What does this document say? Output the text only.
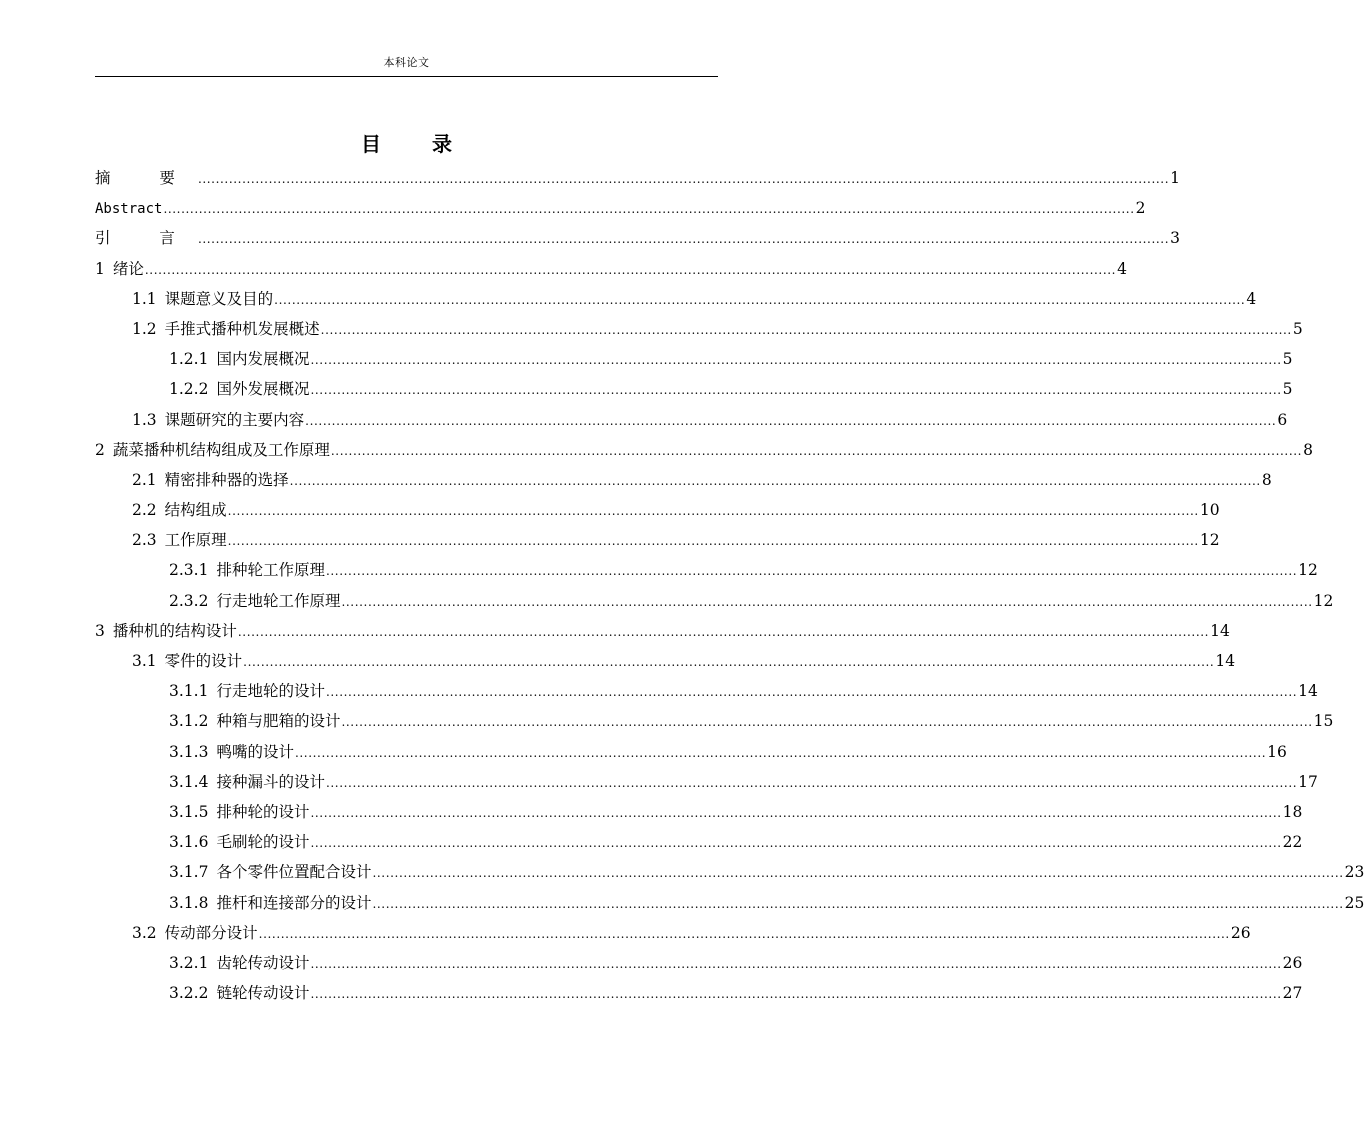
本科论文
目 录
摘 要 ............................................................................................................................................................................................................................ 1
Abstract ............................................................................................................................................................................................................................ 2
引 言 ............................................................................................................................................................................................................................ 3
1 绪论 ............................................................................................................................................................................................................................ 4
1.1 课题意义及目的 ............................................................................................................................................................................................................................ 4
1.2 手推式播种机发展概述 ............................................................................................................................................................................................................................ 5
1.2.1 国内发展概况 ............................................................................................................................................................................................................................ 5
1.2.2 国外发展概况 ............................................................................................................................................................................................................................ 5
1.3 课题研究的主要内容 ............................................................................................................................................................................................................................ 6
2 蔬菜播种机结构组成及工作原理 ............................................................................................................................................................................................................................ 8
2.1 精密排种器的选择 ............................................................................................................................................................................................................................ 8
2.2 结构组成 ............................................................................................................................................................................................................................ 10
2.3 工作原理 ............................................................................................................................................................................................................................ 12
2.3.1 排种轮工作原理 ............................................................................................................................................................................................................................ 12
2.3.2 行走地轮工作原理 ............................................................................................................................................................................................................................ 12
3 播种机的结构设计 ............................................................................................................................................................................................................................ 14
3.1 零件的设计 ............................................................................................................................................................................................................................ 14
3.1.1 行走地轮的设计 ............................................................................................................................................................................................................................ 14
3.1.2 种箱与肥箱的设计 ............................................................................................................................................................................................................................ 15
3.1.3 鸭嘴的设计 ............................................................................................................................................................................................................................ 16
3.1.4 接种漏斗的设计 ............................................................................................................................................................................................................................ 17
3.1.5 排种轮的设计 ............................................................................................................................................................................................................................ 18
3.1.6 毛刷轮的设计 ............................................................................................................................................................................................................................ 22
3.1.7 各个零件位置配合设计 ............................................................................................................................................................................................................................ 23
3.1.8 推杆和连接部分的设计 ............................................................................................................................................................................................................................ 25
3.2 传动部分设计 ............................................................................................................................................................................................................................ 26
3.2.1 齿轮传动设计 ............................................................................................................................................................................................................................ 26
3.2.2 链轮传动设计 ............................................................................................................................................................................................................................ 27
